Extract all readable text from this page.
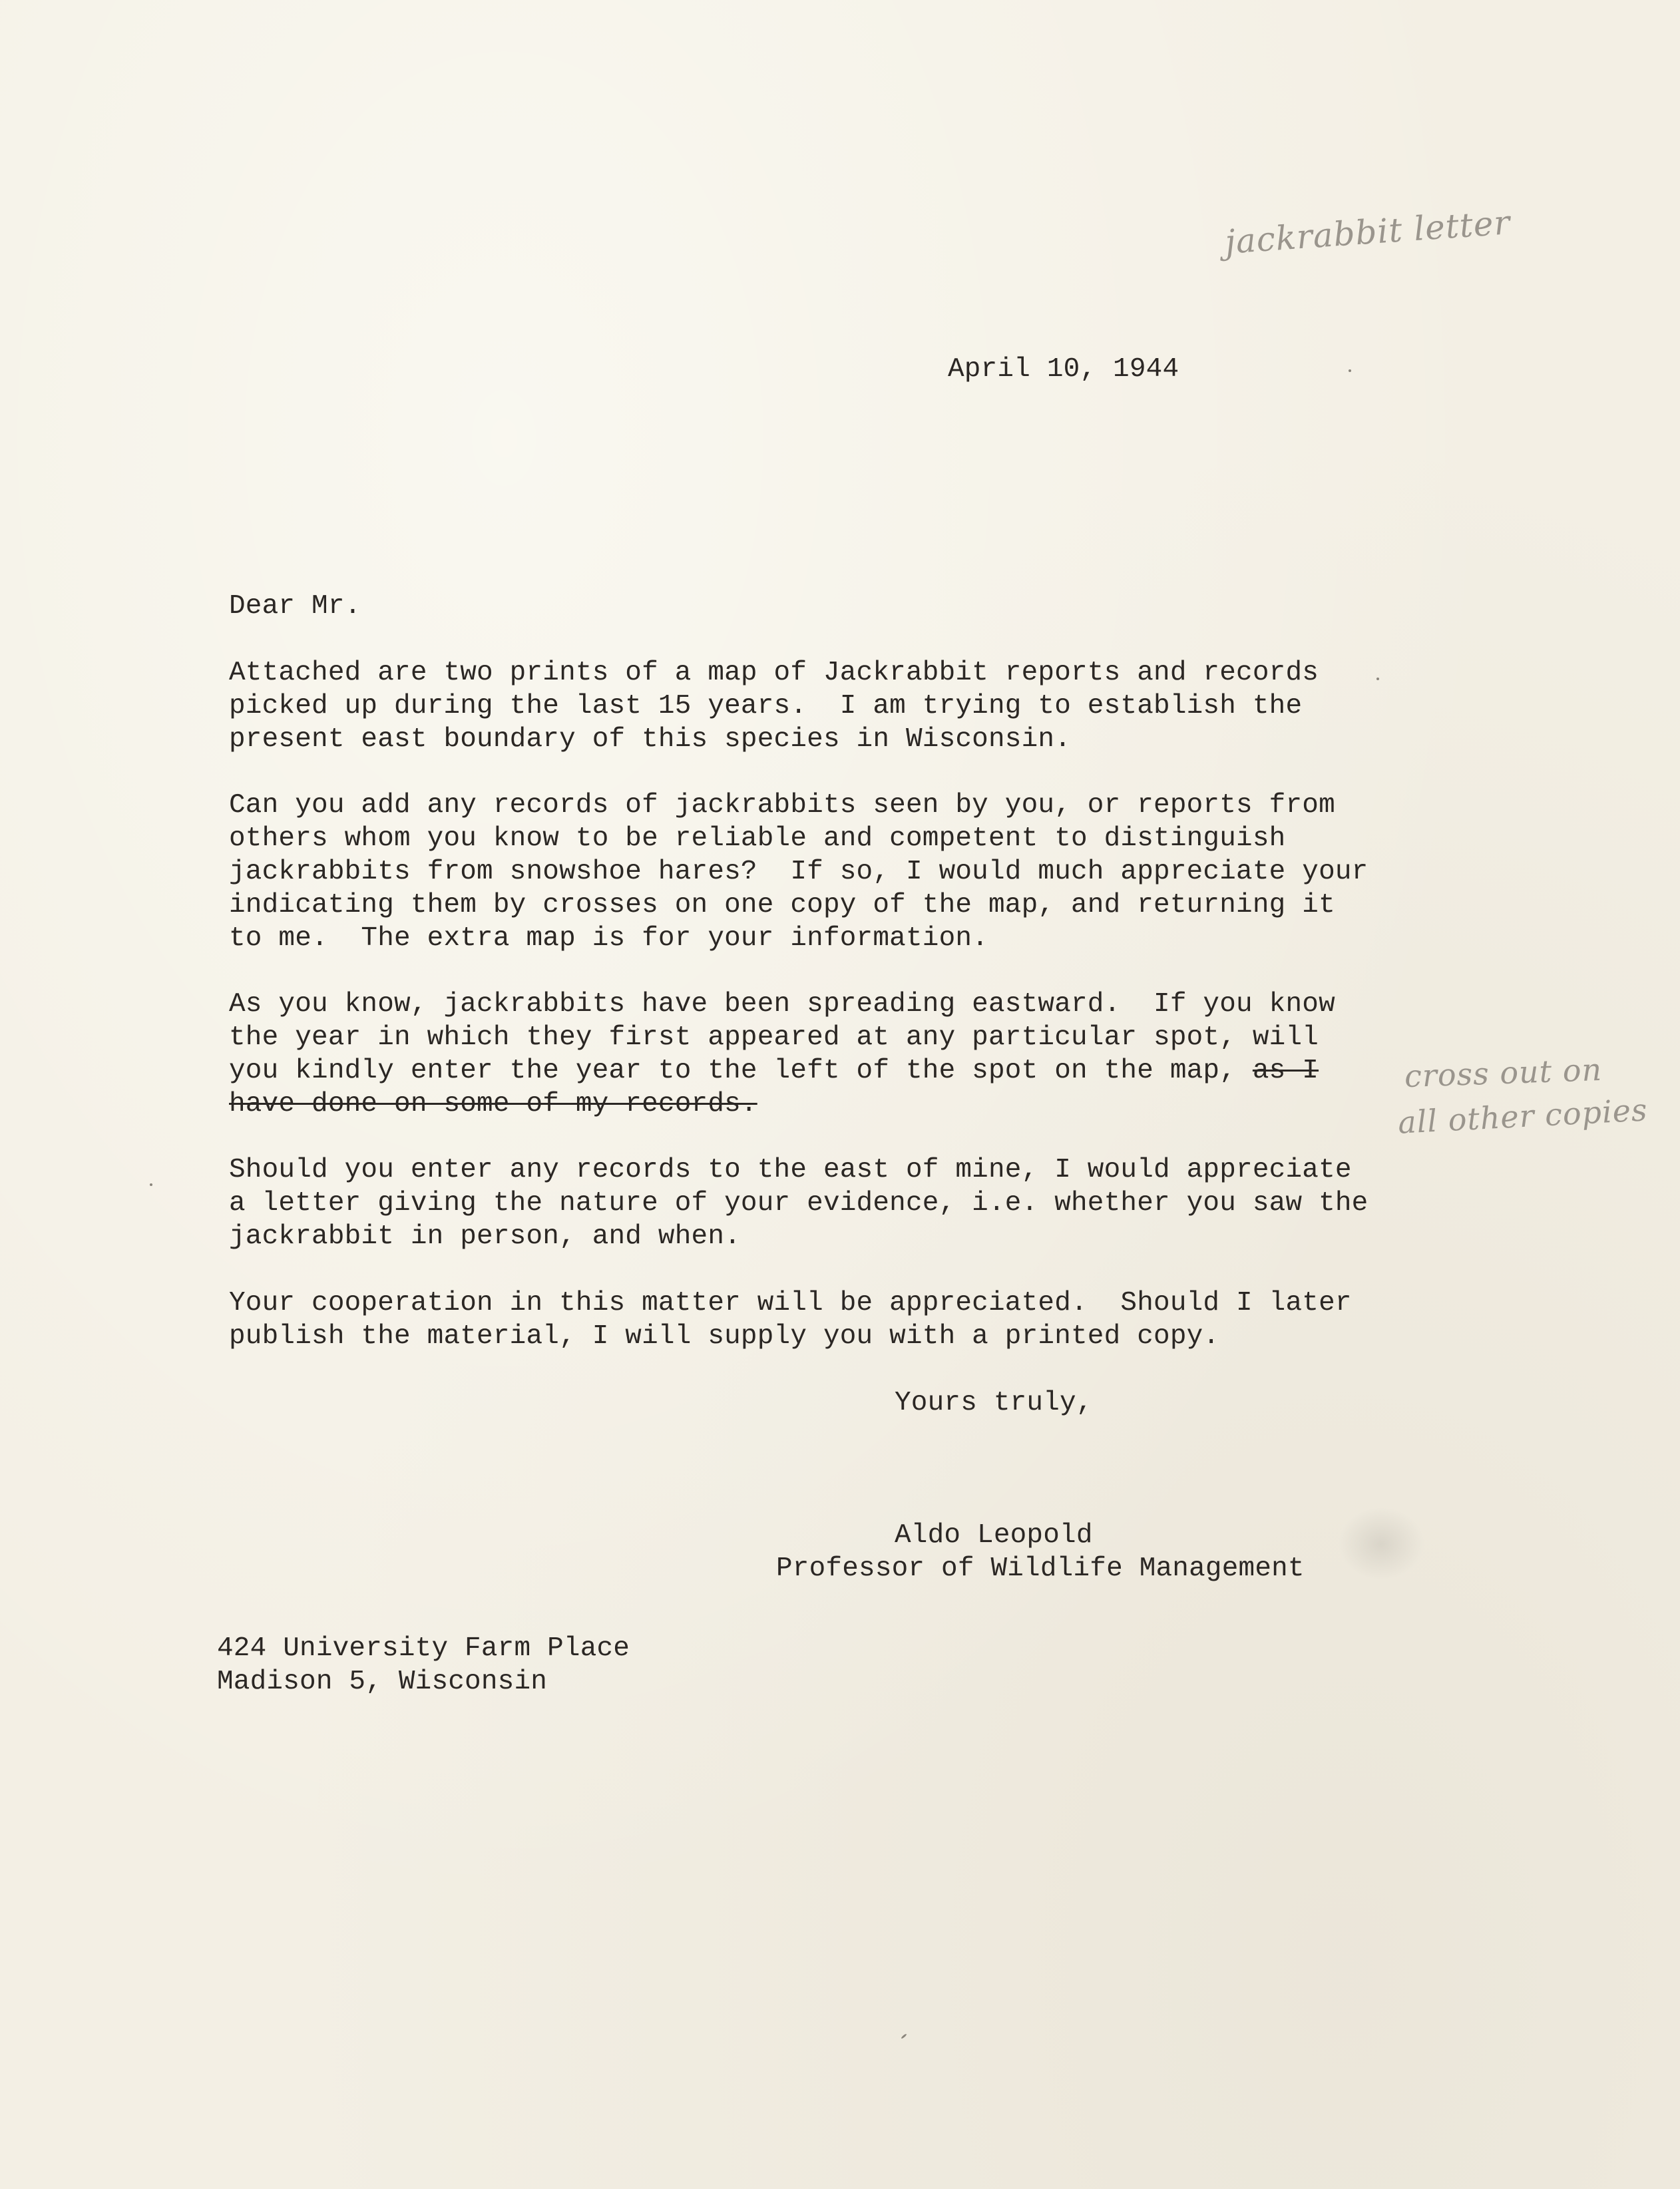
jackrabbit letter
April 10, 1944
Dear Mr.
Attached are two prints of a map of Jackrabbit reports and records
picked up during the last 15 years.  I am trying to establish the
present east boundary of this species in Wisconsin.
Can you add any records of jackrabbits seen by you, or reports from
others whom you know to be reliable and competent to distinguish
jackrabbits from snowshoe hares?  If so, I would much appreciate your
indicating them by crosses on one copy of the map, and returning it
to me.  The extra map is for your information.
As you know, jackrabbits have been spreading eastward.  If you know
the year in which they first appeared at any particular spot, will
you kindly enter the year to the left of the spot on the map, as I
have done on some of my records.
cross out on
all other copies
Should you enter any records to the east of mine, I would appreciate
a letter giving the nature of your evidence, i.e. whether you saw the
jackrabbit in person, and when.
Your cooperation in this matter will be appreciated.  Should I later
publish the material, I will supply you with a printed copy.
Yours truly,
Aldo Leopold
Professor of Wildlife Management
424 University Farm Place
Madison 5, Wisconsin
